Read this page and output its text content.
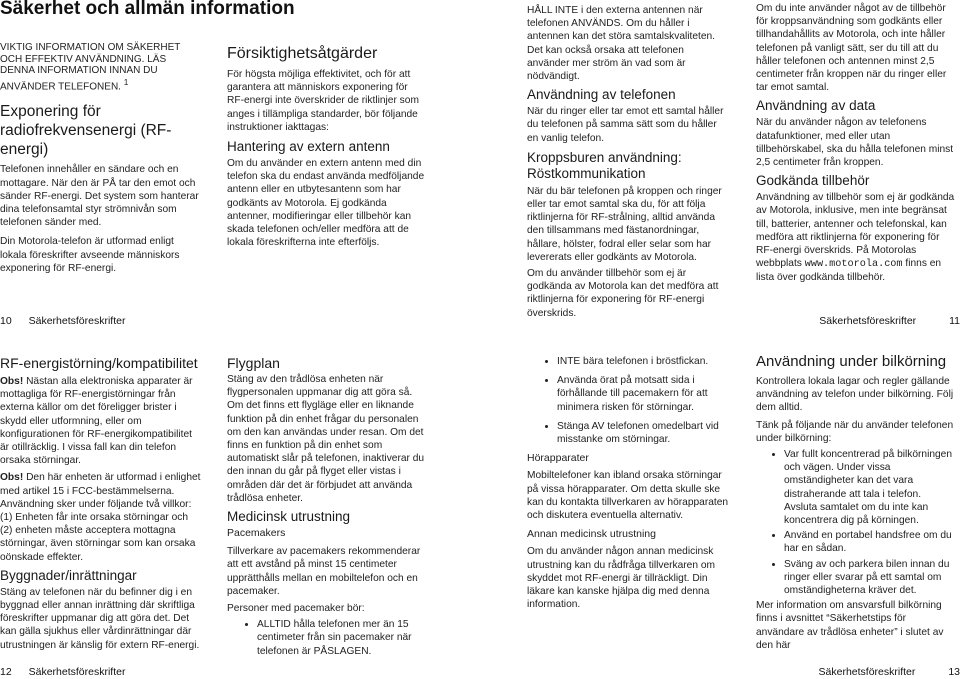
Säkerhet och allmän information
VIKTIG INFORMATION OM SÄKERHET OCH EFFEKTIV ANVÄNDNING. LÄS DENNA INFORMATION INNAN DU ANVÄNDER TELEFONEN. $^1$
Exponering för radiofrekvensenergi (RF-energi)

Telefonen innehåller en sändare och en mottagare. När den är PÅ tar den emot och sänder RF-energi. Det system som hanterar dina telefonsamtal styr strömnivån som telefonen sänder med.

Din Motorola-telefon är utformad enligt lokala föreskrifter avseende människors exponering för RF-energi.

Försiktighetsåtgärder

För högsta möjliga effektivitet, och för att garantera att människors exponering för RF-energi inte överskrider de riktlinjer som anges i tillämpliga standarder, bör följande instruktioner iakttagas:

Hantering av extern antenn

Om du använder en extern antenn med din telefon ska du endast använda medföljande antenn eller en utbytesantenn som har godkänts av Motorola. Ej godkända antenner, modifieringar eller tillbehör kan skada telefonen och/eller medföra att de lokala föreskrifterna inte efterföljs.

HÅLL INTE i den externa antennen när telefonen ANVÄNDS. Om du håller i antennen kan det störa samtalskvaliteten. Det kan också orsaka att telefonen använder mer ström än vad som är nödvändigt.

Användning av telefonen

När du ringer eller tar emot ett samtal håller du telefonen på samma sätt som du håller en vanlig telefon.

Kroppsburen användning: Röstkommunikation

När du bär telefonen på kroppen och ringer eller tar emot samtal ska du, för att följa riktlinjerna för RF-strålning, alltid använda den tillsammans med fästanordningar, hållare, hölster, fodral eller selar som har levererats eller godkänts av Motorola.

Om du använder tillbehör som ej är godkända av Motorola kan det medföra att riktlinjerna för exponering för RF-energi överskrids.

Om du inte använder något av de tillbehör för kroppsanvändning som godkänts eller tillhandahållits av Motorola, och inte håller telefonen på vanligt sätt, ser du till att du håller telefonen och antennen minst 2,5 centimeter från kroppen när du ringer eller tar emot samtal.

Användning av data

När du använder någon av telefonens datafunktioner, med eller utan tillbehörskabel, ska du hålla telefonen minst 2,5 centimeter från kroppen.

Godkända tillbehör

Användning av tillbehör som ej är godkända av Motorola, inklusive, men inte begränsat till, batterier, antenner och telefonskal, kan medföra att riktlinjerna för exponering för RF-energi överskrids. På Motorolas webbplats www.motorola.com finns en lista över godkända tillbehör.

10 Säkerhetsföreskrifter	Säkerhetsföreskrifter	11
RF-energistörning/kompatibilitet

Obs! Nästan alla elektroniska apparater är mottagliga för RF-energistörningar från externa källor om det föreligger brister i skydd eller utformning, eller om konfigurationen för RF-energikompatibilitet är otillräcklig. I vissa fall kan din telefon orsaka störningar.

Obs! Den här enheten är utformad i enlighet med artikel 15 i FCC-bestämmelserna. Användning sker under följande två villkor: (1) Enheten får inte orsaka störningar och (2) enheten måste acceptera mottagna störningar, även störningar som kan orsaka oönskade effekter.

Byggnader/inrättningar

Stäng av telefonen när du befinner dig i en byggnad eller annan inrättning där skriftliga föreskrifter uppmanar dig att göra det. Det kan gälla sjukhus eller vårdinrättningar där utrustningen är känslig för extern RF-energi.

Flygplan

Stäng av den trådlösa enheten när flygpersonalen uppmanar dig att göra så. Om det finns ett flygläge eller en liknande funktion på din enhet frågar du personalen om den kan användas under resan. Om det finns en funktion på din enhet som automatiskt slår på telefonen, inaktiverar du den innan du går på flyget eller vistas i områden där det är förbjudet att använda trådlösa enheter.

Medicinsk utrustning

Pacemakers

Tillverkare av pacemakers rekommenderar att ett avstånd på minst 15 centimeter upprätthålls mellan en mobiltelefon och en pacemaker.

Personer med pacemaker bör:

• ALLTID hålla telefonen mer än 15 centimeter från sin pacemaker när telefonen är PÅSLAGEN.
• INTE bära telefonen i bröstfickan.
• Använda örat på motsatt sida i förhållande till pacemakern för att minimera risken för störningar.
• Stänga AV telefonen omedelbart vid misstanke om störningar.

Hörapparater

Mobiltelefoner kan ibland orsaka störningar på vissa hörapparater. Om detta skulle ske kan du kontakta tillverkaren av hörapparaten och diskutera eventuella alternativ.

Annan medicinsk utrustning

Om du använder någon annan medicinsk utrustning kan du rådfråga tillverkaren om skyddet mot RF-energi är tillräckligt. Din läkare kan kanske hjälpa dig med denna information.

Användning under bilkörning

Kontrollera lokala lagar och regler gällande användning av telefon under bilkörning. Följ dem alltid.

Tänk på följande när du använder telefonen under bilkörning:

• Var fullt koncentrerad på bilkörningen och vägen. Under vissa omständigheter kan det vara distraherande att tala i telefon. Avsluta samtalet om du inte kan koncentrera dig på körningen.
• Använd en portabel handsfree om du har en sådan.
• Sväng av och parkera bilen innan du ringer eller svarar på ett samtal om omständigheterna kräver det.

Mer information om ansvarsfull bilkörning finns i avsnittet “Säkerhetstips för användare av trådlösa enheter” i slutet av den här

12 Säkerhetsföreskrifter	Säkerhetsföreskrifter	13
